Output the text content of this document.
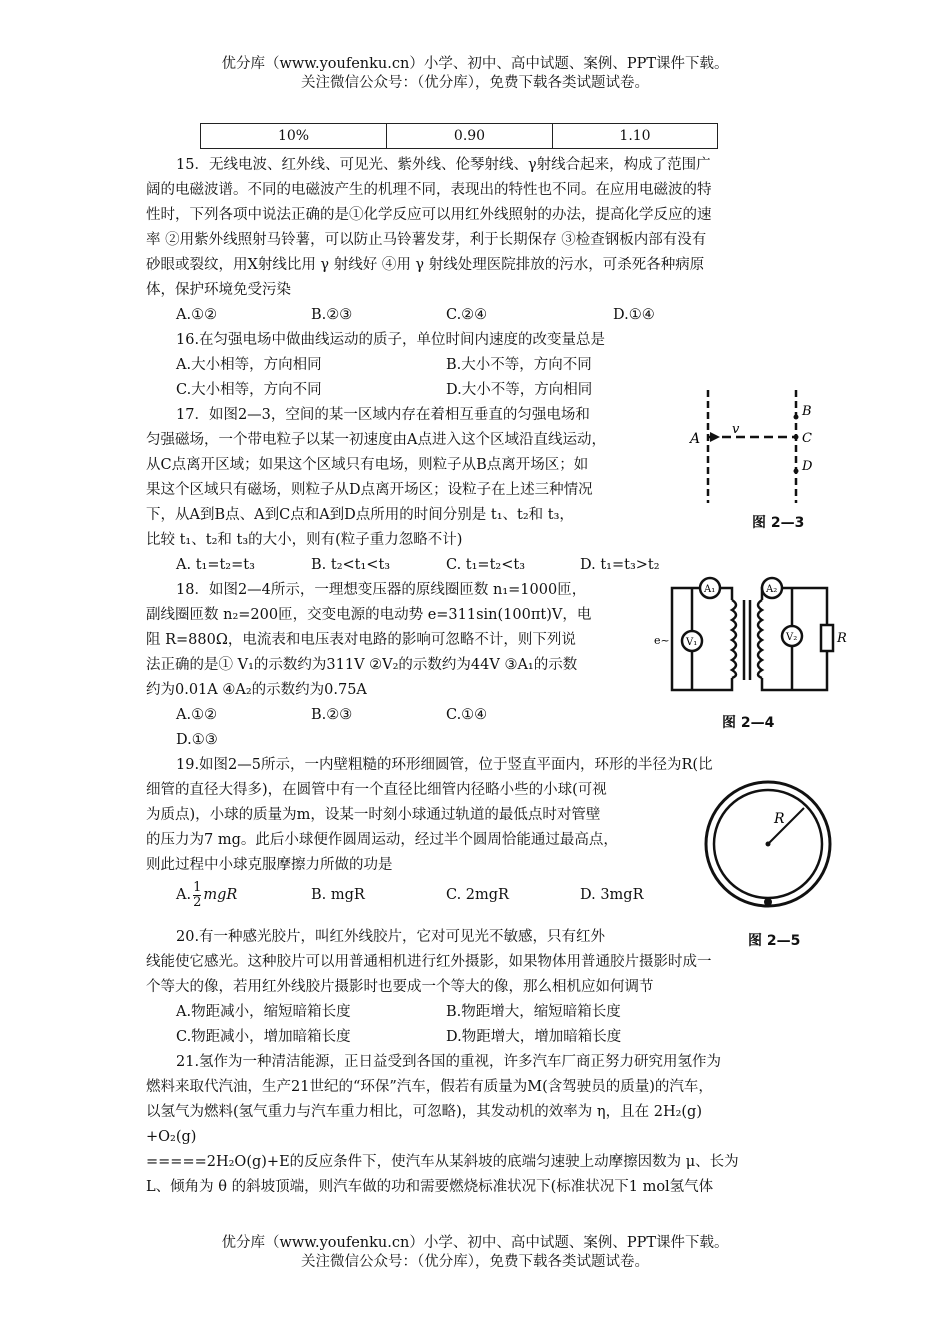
优分库（www.youfenku.cn）小学、初中、高中试题、案例、PPT课件下载。
关注微信公众号：（优分库），免费下载各类试题试卷。
10%	0.90	1.10
15．无线电波、红外线、可见光、紫外线、伦琴射线、γ射线合起来，构成了范围广
阔的电磁波谱。不同的电磁波产生的机理不同，表现出的特性也不同。在应用电磁波的特
性时，下列各项中说法正确的是①化学反应可以用红外线照射的办法，提高化学反应的速
率 ②用紫外线照射马铃薯，可以防止马铃薯发芽，利于长期保存 ③检查钢板内部有没有
砂眼或裂纹，用X射线比用 γ 射线好 ④用 γ 射线处理医院排放的污水，可杀死各种病原
体，保护环境免受污染
A.①②	B.②③	C.②④	D.①④
16.在匀强电场中做曲线运动的质子，单位时间内速度的改变量总是
A.大小相等，方向相同	B.大小不等，方向不同
C.大小相等，方向不同	D.大小不等，方向相同
17．如图2—3，空间的某一区域内存在着相互垂直的匀强电场和
匀强磁场，一个带电粒子以某一初速度由A点进入这个区域沿直线运动，
从C点离开区域；如果这个区域只有电场，则粒子从B点离开场区；如
果这个区域只有磁场，则粒子从D点离开场区；设粒子在上述三种情况
下，从A到B点、A到C点和A到D点所用的时间分别是 t₁、t₂和 t₃，
比较 t₁、t₂和 t₃的大小，则有(粒子重力忽略不计)
A. t₁=t₂=t₃	B. t₂<t₁<t₃	C. t₁=t₂<t₃	D. t₁=t₃>t₂
A
v
B
C
D
图 2—3
18．如图2—4所示，一理想变压器的原线圈匝数 n₁=1000匝，
副线圈匝数 n₂=200匝，交变电源的电动势 e=311sin(100πt)V，电
阻 R=880Ω，电流表和电压表对电路的影响可忽略不计，则下列说
法正确的是① V₁的示数约为311V ②V₂的示数约为44V ③A₁的示数
约为0.01A ④A₂的示数约为0.75A
A.①②	B.②③	C.①④
D.①③
A₁	A₂
V₁	V₂	R
e~
图 2—4
19.如图2—5所示，一内壁粗糙的环形细圆管，位于竖直平面内，环形的半径为R(比
细管的直径大得多)，在圆管中有一个直径比细管内径略小些的小球(可视
为质点)，小球的质量为m，设某一时刻小球通过轨道的最低点时对管壁
的压力为7 mg。此后小球便作圆周运动，经过半个圆周恰能通过最高点，
则此过程中小球克服摩擦力所做的功是
A. $\frac{1}{2}$ mgR	B. mgR	C. 2mgR	D. 3mgR
R
图 2—5
20.有一种感光胶片，叫红外线胶片，它对可见光不敏感，只有红外
线能使它感光。这种胶片可以用普通相机进行红外摄影，如果物体用普通胶片摄影时成一
个等大的像，若用红外线胶片摄影时也要成一个等大的像，那么相机应如何调节
A.物距减小，缩短暗箱长度	B.物距增大，缩短暗箱长度
C.物距减小，增加暗箱长度	D.物距增大，增加暗箱长度
21.氢作为一种清洁能源，正日益受到各国的重视，许多汽车厂商正努力研究用氢作为
燃料来取代汽油，生产21世纪的“环保”汽车，假若有质量为M(含驾驶员的质量)的汽车，
以氢气为燃料(氢气重力与汽车重力相比，可忽略)，其发动机的效率为 η，且在 2H₂(g)
+O₂(g)
=====2H₂O(g)+E的反应条件下，使汽车从某斜坡的底端匀速驶上动摩擦因数为 μ、长为
L、倾角为 θ 的斜坡顶端，则汽车做的功和需要燃烧标准状况下(标准状况下1 mol氢气体
优分库（www.youfenku.cn）小学、初中、高中试题、案例、PPT课件下载。
关注微信公众号：（优分库），免费下载各类试题试卷。
